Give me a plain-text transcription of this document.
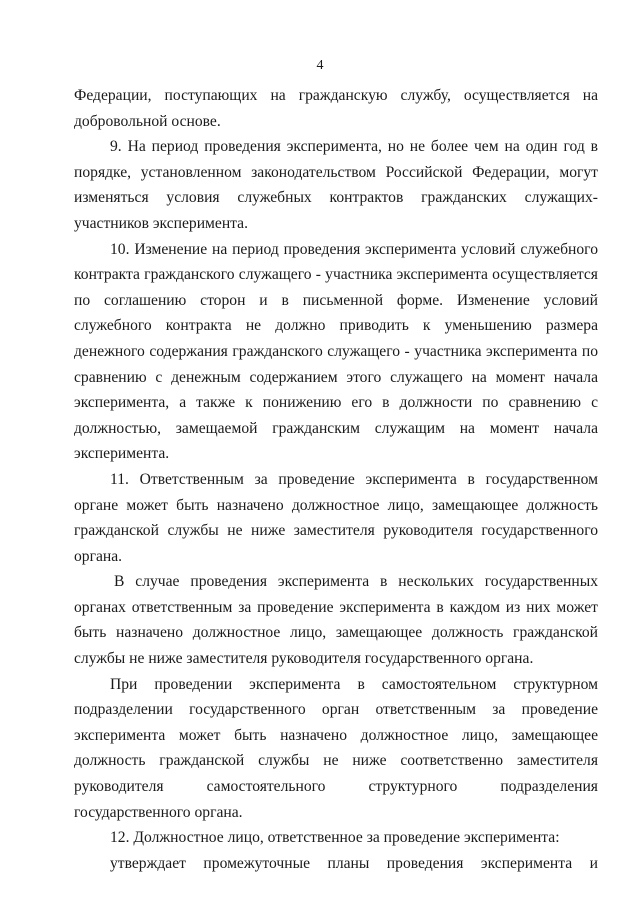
4

Федерации, поступающих на гражданскую службу, осуществляется на добровольной основе.

9. На период проведения эксперимента, но не более чем на один год в порядке, установленном законодательством Российской Федерации, могут изменяться условия служебных контрактов гражданских служащих-участников эксперимента.

10. Изменение на период проведения эксперимента условий служебного контракта гражданского служащего - участника эксперимента осуществляется по соглашению сторон и в письменной форме. Изменение условий служебного контракта не должно приводить к уменьшению размера денежного содержания гражданского служащего - участника эксперимента по сравнению с денежным содержанием этого служащего на момент начала эксперимента, а также к понижению его в должности по сравнению с должностью, замещаемой гражданским служащим на момент начала эксперимента.

11. Ответственным за проведение эксперимента в государственном органе может быть назначено должностное лицо, замещающее должность гражданской службы не ниже заместителя руководителя государственного органа.

В случае проведения эксперимента в нескольких государственных органах ответственным за проведение эксперимента в каждом из них может быть назначено должностное лицо, замещающее должность гражданской службы не ниже заместителя руководителя государственного органа.

При проведении эксперимента в самостоятельном структурном подразделении государственного орган ответственным за проведение эксперимента может быть назначено должностное лицо, замещающее должность гражданской службы не ниже соответственно заместителя руководителя самостоятельного структурного подразделения государственного органа.

12. Должностное лицо, ответственное за проведение эксперимента:

утверждает промежуточные планы проведения эксперимента и
